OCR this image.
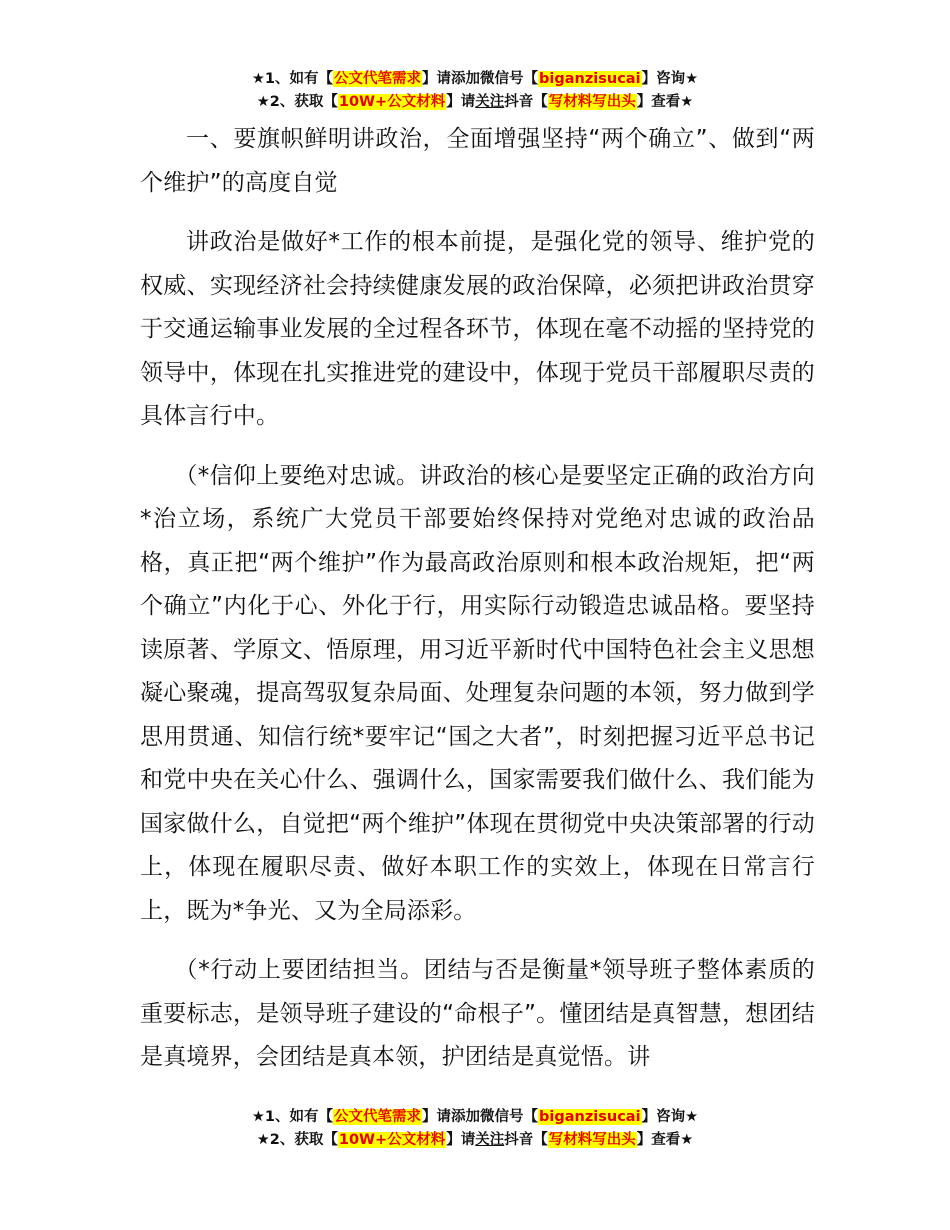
★1、如有【公文代笔需求】请添加微信号【biganzisucai】咨询★
★2、获取【10W+公文材料】请关注抖音【写材料写出头】查看★

一、要旗帜鲜明讲政治，全面增强坚持“两个确立”、做到“两个维护”的高度自觉

讲政治是做好*工作的根本前提，是强化党的领导、维护党的权威、实现经济社会持续健康发展的政治保障，必须把讲政治贯穿于交通运输事业发展的全过程各环节，体现在毫不动摇的坚持党的领导中，体现在扎实推进党的建设中，体现于党员干部履职尽责的具体言行中。

（*信仰上要绝对忠诚。讲政治的核心是要坚定正确的政治方向*治立场，系统广大党员干部要始终保持对党绝对忠诚的政治品格，真正把“两个维护”作为最高政治原则和根本政治规矩，把“两个确立”内化于心、外化于行，用实际行动锻造忠诚品格。要坚持读原著、学原文、悟原理，用习近平新时代中国特色社会主义思想凝心聚魂，提高驾驭复杂局面、处理复杂问题的本领，努力做到学思用贯通、知信行统*要牢记“国之大者”，时刻把握习近平总书记和党中央在关心什么、强调什么，国家需要我们做什么、我们能为国家做什么，自觉把“两个维护”体现在贯彻党中央决策部署的行动上，体现在履职尽责、做好本职工作的实效上，体现在日常言行上，既为*争光、又为全局添彩。

（*行动上要团结担当。团结与否是衡量*领导班子整体素质的重要标志，是领导班子建设的“命根子”。懂团结是真智慧，想团结是真境界，会团结是真本领，护团结是真觉悟。讲

★1、如有【公文代笔需求】请添加微信号【biganzisucai】咨询★
★2、获取【10W+公文材料】请关注抖音【写材料写出头】查看★
